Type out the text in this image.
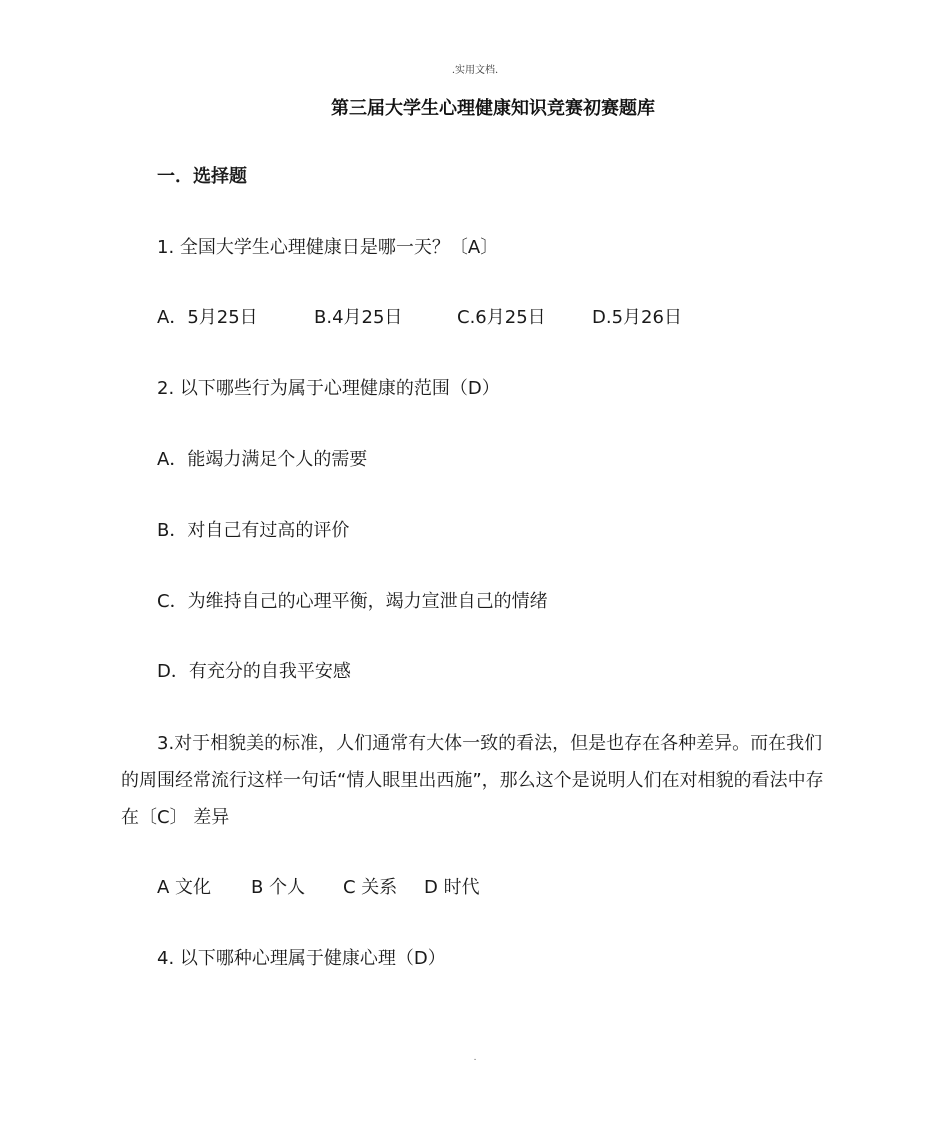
.实用文档.
第三届大学生心理健康知识竞赛初赛题库
一．选择题
1. 全国大学生心理健康日是哪一天？〔A〕
A．5月25日	B.4月25日	C.6月25日	D.5月26日
2. 以下哪些行为属于心理健康的范围（D）
A．能竭力满足个人的需要
B．对自己有过高的评价
C．为维持自己的心理平衡，竭力宣泄自己的情绪
D．有充分的自我平安感
3.对于相貌美的标准，人们通常有大体一致的看法，但是也存在各种差异。而在我们
的周围经常流行这样一句话“情人眼里出西施”，那么这个是说明人们在对相貌的看法中存
在〔C〕 差异
A 文化 B 个人 C 关系 D 时代
4. 以下哪种心理属于健康心理（D）
.
